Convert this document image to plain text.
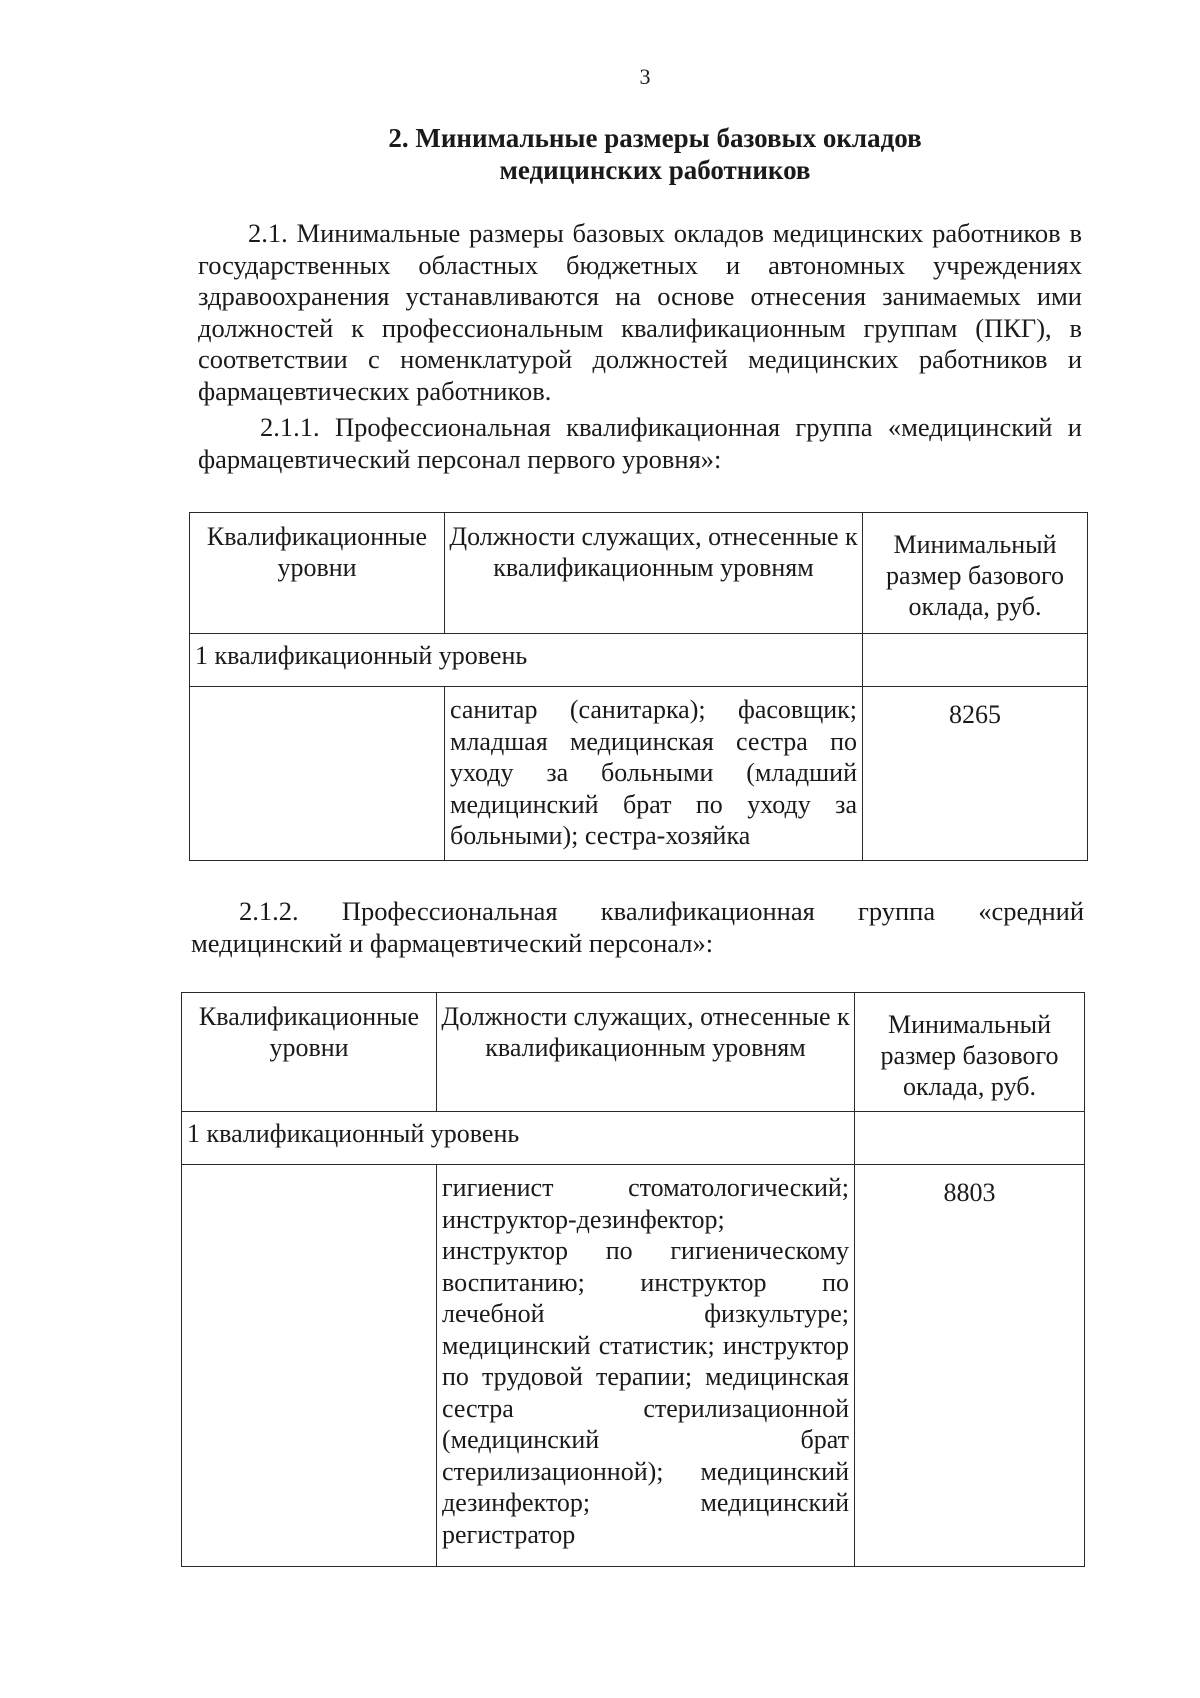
3
2. Минимальные размеры базовых окладов
медицинских работников

2.1. Минимальные размеры базовых окладов медицинских работников в государственных областных бюджетных и автономных учреждениях здравоохранения устанавливаются на основе отнесения занимаемых ими должностей к профессиональным квалификационным группам (ПКГ), в соответствии с номенклатурой должностей медицинских работников и фармацевтических работников.

2.1.1. Профессиональная квалификационная группа «медицинский и фармацевтический персонал первого уровня»:

Квалификационные уровни	Должности служащих, отнесенные к квалификационным уровням	Минимальный размер базового оклада, руб.
1 квалификационный уровень		
	санитар (санитарка); фасовщик; младшая медицинская сестра по уходу за больными (младший медицинский брат по уходу за больными); сестра-хозяйка	8265

2.1.2. Профессиональная квалификационная группа «средний медицинский и фармацевтический персонал»:

Квалификационные уровни	Должности служащих, отнесенные к квалификационным уровням	Минимальный размер базового оклада, руб.
1 квалификационный уровень		
	гигиенист стоматологический; инструктор-дезинфектор; инструктор по гигиеническому воспитанию; инструктор по лечебной физкультуре; медицинский статистик; инструктор по трудовой терапии; медицинская сестра стерилизационной (медицинский брат стерилизационной); медицинский дезинфектор; медицинский регистратор	8803
